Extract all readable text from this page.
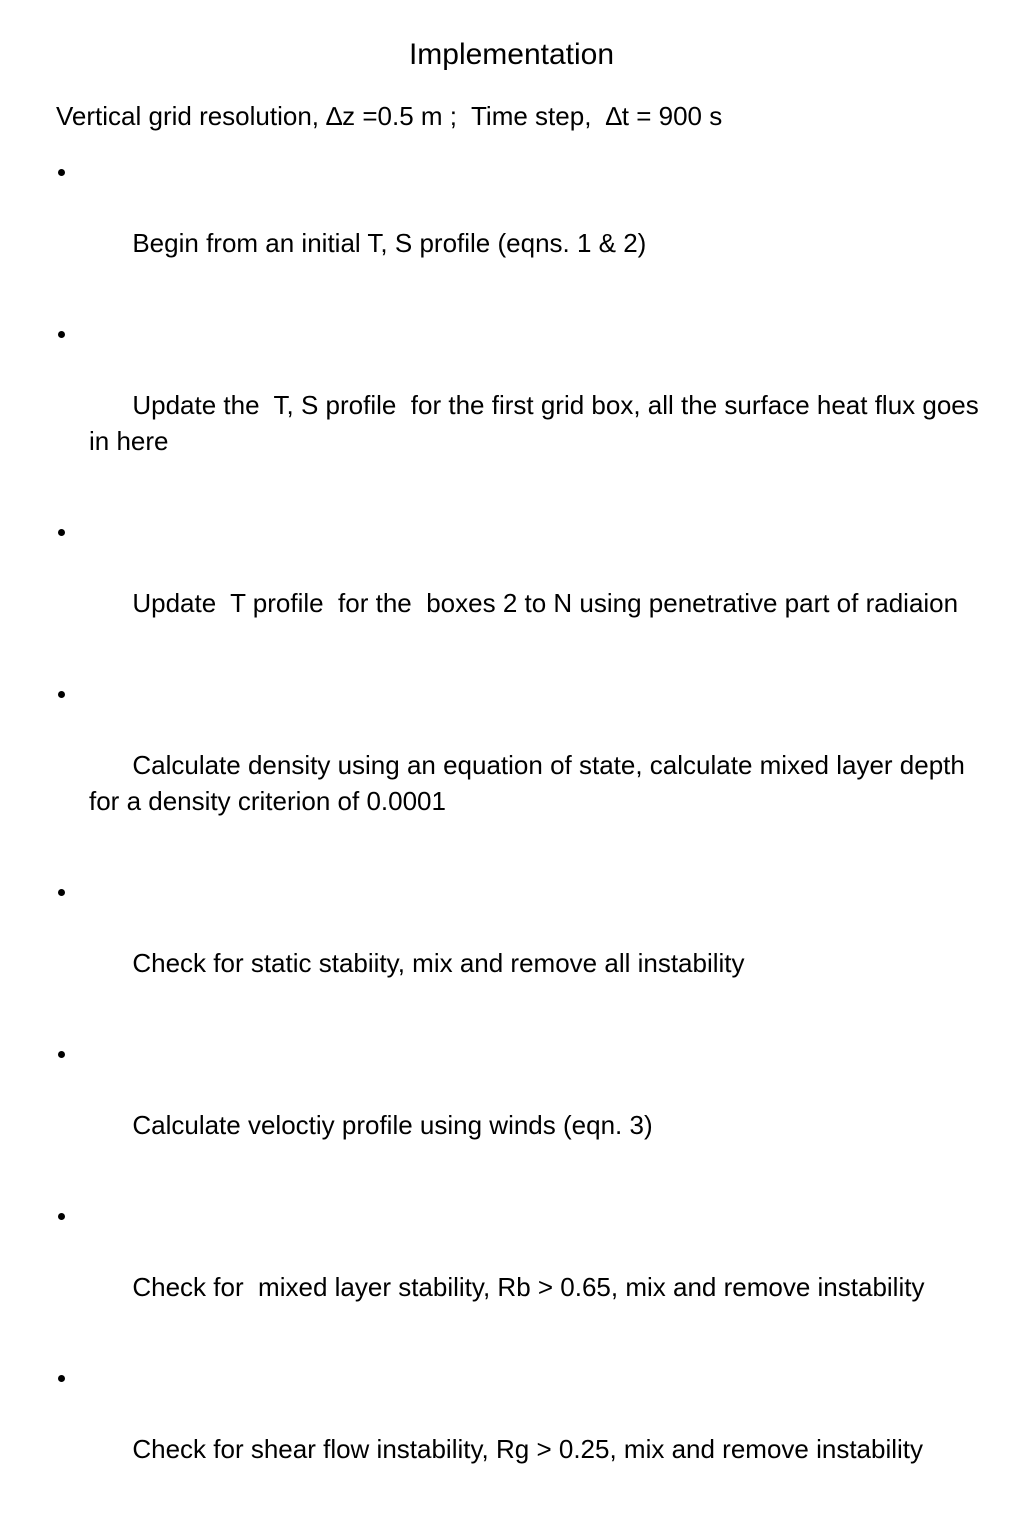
Implementation

Vertical grid resolution, ∆z =0.5 m ;  Time step,  ∆t = 900 s

Begin from an initial T, S profile (eqns. 1 & 2)

Update the  T, S profile  for the first grid box, all the surface heat flux goes in here

Update  T profile  for the  boxes 2 to N using penetrative part of radiaion

Calculate density using an equation of state, calculate mixed layer depth for a density criterion of 0.0001

Check for static stabiity, mix and remove all instability

Calculate veloctiy profile using winds (eqn. 3)

Check for  mixed layer stability, Rb > 0.65, mix and remove instability

Check for shear flow instability, Rg > 0.25, mix and remove instability
